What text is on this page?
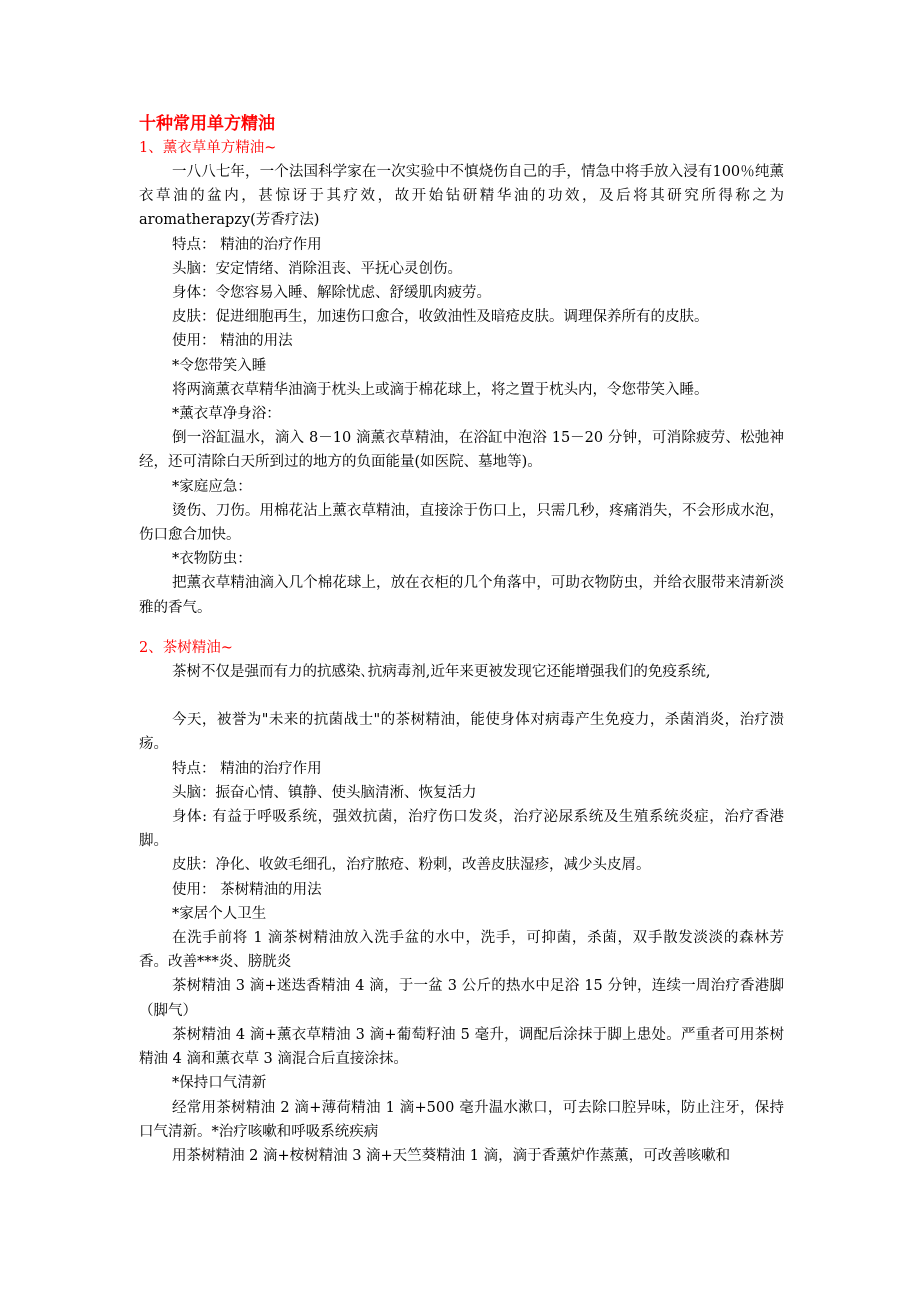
十种常用单方精油
1、薰衣草单方精油~

一八八七年，一个法国科学家在一次实验中不慎烧伤自己的手，情急中将手放入浸有100％纯薰衣草油的盆内，甚惊讶于其疗效，故开始钻研精华油的功效，及后将其研究所得称之为 aromatherapzy(芳香疗法)

特点： 精油的治疗作用

头脑：安定情绪、消除沮丧、平抚心灵创伤。

身体：令您容易入睡、解除忧虑、舒缓肌肉疲劳。

皮肤：促进细胞再生，加速伤口愈合，收敛油性及暗疮皮肤。调理保养所有的皮肤。

使用： 精油的用法

*令您带笑入睡

将两滴薰衣草精华油滴于枕头上或滴于棉花球上，将之置于枕头内，令您带笑入睡。

*薰衣草净身浴：

倒一浴缸温水，滴入 8－10 滴薰衣草精油，在浴缸中泡浴 15－20 分钟，可消除疲劳、松弛神经，还可清除白天所到过的地方的负面能量(如医院、墓地等)。

*家庭应急：

烫伤、刀伤。用棉花沾上薰衣草精油，直接涂于伤口上，只需几秒，疼痛消失，不会形成水泡，伤口愈合加快。

*衣物防虫：

把薰衣草精油滴入几个棉花球上，放在衣柜的几个角落中，可助衣物防虫，并给衣服带来清新淡雅的香气。

2、茶树精油~

茶树不仅是强而有力的抗感染､抗病毒剂,近年来更被发现它还能增强我们的免疫系统,

今天，被誉为"未来的抗菌战士"的茶树精油，能使身体对病毒产生免疫力，杀菌消炎，治疗溃疡。

特点： 精油的治疗作用

头脑：振奋心情、镇静、使头脑清淅、恢复活力

身体: 有益于呼吸系统，强效抗菌，治疗伤口发炎，治疗泌尿系统及生殖系统炎症，治疗香港脚。

皮肤：净化、收敛毛细孔，治疗脓疮、粉刺，改善皮肤湿疹，减少头皮屑。

使用： 茶树精油的用法

*家居个人卫生

在洗手前将 1 滴茶树精油放入洗手盆的水中，洗手，可抑菌，杀菌，双手散发淡淡的森林芳香。改善***炎、膀胱炎

茶树精油 3 滴+迷迭香精油 4 滴，于一盆 3 公斤的热水中足浴 15 分钟，连续一周治疗香港脚（脚气）

茶树精油 4 滴+薰衣草精油 3 滴+葡萄籽油 5 毫升，调配后涂抹于脚上患处。严重者可用茶树精油 4 滴和薰衣草 3 滴混合后直接涂抹。

*保持口气清新

经常用茶树精油 2 滴+薄荷精油 1 滴+500 毫升温水漱口，可去除口腔异味，防止注牙，保持口气清新。*治疗咳嗽和呼吸系统疾病

用茶树精油 2 滴+桉树精油 3 滴+天竺葵精油 1 滴，滴于香薰炉作蒸薰，可改善咳嗽和
